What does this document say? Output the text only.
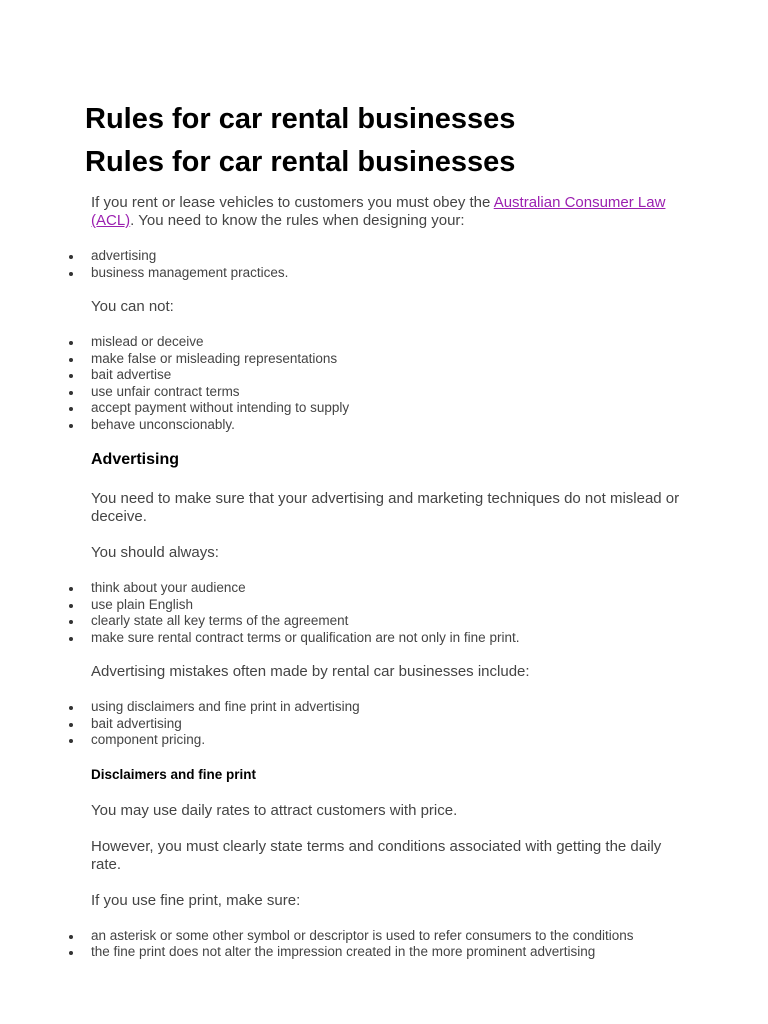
Rules for car rental businesses
Rules for car rental businesses

If you rent or lease vehicles to customers you must obey the Australian Consumer Law (ACL). You need to know the rules when designing your:

advertising
business management practices.

You can not:

mislead or deceive
make false or misleading representations
bait advertise
use unfair contract terms
accept payment without intending to supply
behave unconscionably.
Advertising

You need to make sure that your advertising and marketing techniques do not mislead or deceive.

You should always:

think about your audience
use plain English
clearly state all key terms of the agreement
make sure rental contract terms or qualification are not only in fine print.

Advertising mistakes often made by rental car businesses include:

using disclaimers and fine print in advertising
bait advertising
component pricing.
Disclaimers and fine print

You may use daily rates to attract customers with price.

However, you must clearly state terms and conditions associated with getting the daily rate.

If you use fine print, make sure:

an asterisk or some other symbol or descriptor is used to refer consumers to the conditions
the fine print does not alter the impression created in the more prominent advertising
